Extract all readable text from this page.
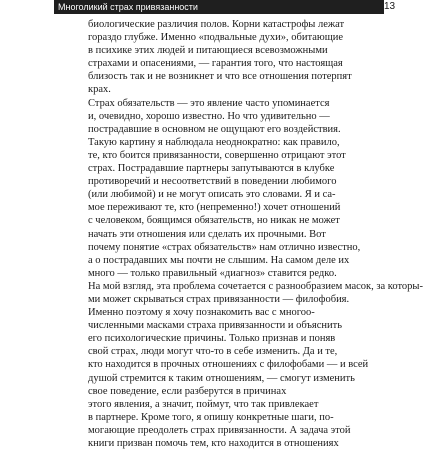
Многоликий страх привязанности	13
биологические различия полов. Корни катастрофы лежат
гораздо глубже. Именно «подвальные духи», обитающие
в психике этих людей и питающиеся всевозможными
страхами и опасениями, — гарантия того, что настоящая
близость так и не возникнет и что все отношения потерпят
крах.
Страх обязательств — это явление часто упоминается
и, очевидно, хорошо известно. Но что удивительно —
пострадавшие в основном не ощущают его воздействия.
Такую картину я наблюдала неоднократно: как правило,
те, кто боится привязанности, совершенно отрицают этот
страх. Пострадавшие партнеры запутываются в клубке
противоречий и несоответствий в поведении любимого
(или любимой) и не могут описать это словами. Я и са-
мое переживают те, кто (непременно!) хочет отношений
с человеком, боящимся обязательств, но никак не может
начать эти отношения или сделать их прочными. Вот
почему понятие «страх обязательств» нам отлично известно,
а о пострадавших мы почти не слышим. На самом деле их
много — только правильный «диагноз» ставится редко.
На мой взгляд, эта проблема сочетается с разнообразием масок, за которы-
ми может скрываться страх привязанности — филофобия.
Именно поэтому я хочу познакомить вас с многоо-
численными масками страха привязанности и объяснить
его психологические причины. Только признав и поняв
свой страх, люди могут что-то в себе изменить. Да и те,
кто находится в прочных отношениях с филофобами — и всей
душой стремится к таким отношениям, — смогут изменить
свое поведение, если разберутся в причинах
этого явления, а значит, поймут, что так привлекает
в партнере. Кроме того, я опишу конкретные шаги, по-
могающие преодолеть страх привязанности. А задача этой
книги призван помочь тем, кто находится в отношениях
